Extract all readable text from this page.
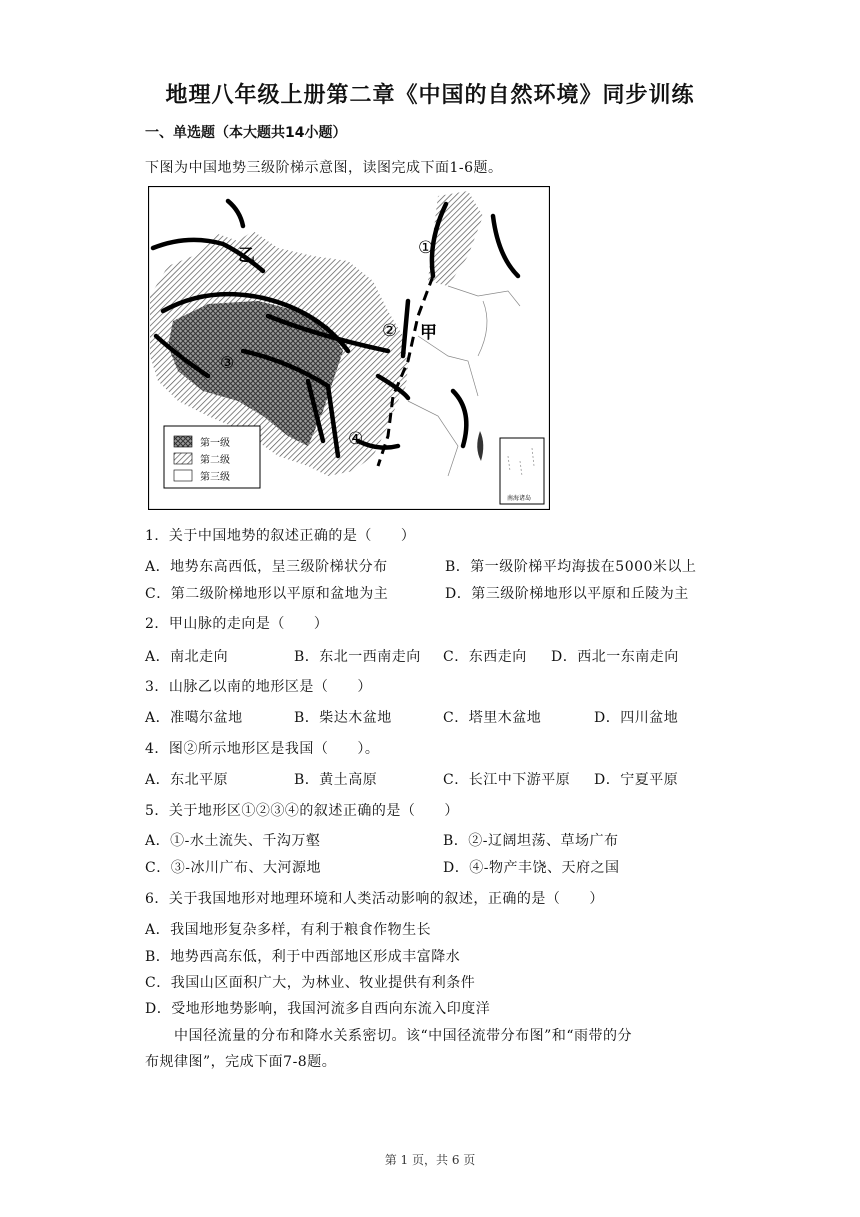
地理八年级上册第二章《中国的自然环境》同步训练
一、单选题（本大题共14小题）
下图为中国地势三级阶梯示意图，读图完成下面1-6题。
乙
甲
①
②
③
④
第一级
第二级
第三级
南海诸岛
1．关于中国地势的叙述正确的是（　　）
A．地势东高西低，呈三级阶梯状分布	B．第一级阶梯平均海拔在5000米以上
C．第二级阶梯地形以平原和盆地为主	D．第三级阶梯地形以平原和丘陵为主
2．甲山脉的走向是（　　）
A．南北走向	B．东北一西南走向 C．东西走向 D．西北一东南走向
3．山脉乙以南的地形区是（　　）
A．准噶尔盆地	B．柴达木盆地	C．塔里木盆地	D．四川盆地
4．图②所示地形区是我国（　　）。
A．东北平原	B．黄土高原	C．长江中下游平原 D．宁夏平原
5．关于地形区①②③④的叙述正确的是（　　）
A．①-水土流失、千沟万壑	B．②-辽阔坦荡、草场广布
C．③-冰川广布、大河源地	D．④-物产丰饶、天府之国
6．关于我国地形对地理环境和人类活动影响的叙述，正确的是（　　）
A．我国地形复杂多样，有利于粮食作物生长
B．地势西高东低，利于中西部地区形成丰富降水
C．我国山区面积广大，为林业、牧业提供有利条件
D．受地形地势影响，我国河流多自西向东流入印度洋
　　中国径流量的分布和降水关系密切。该“中国径流带分布图”和“雨带的分
布规律图”，完成下面7-8题。
第 1 页，共 6 页
